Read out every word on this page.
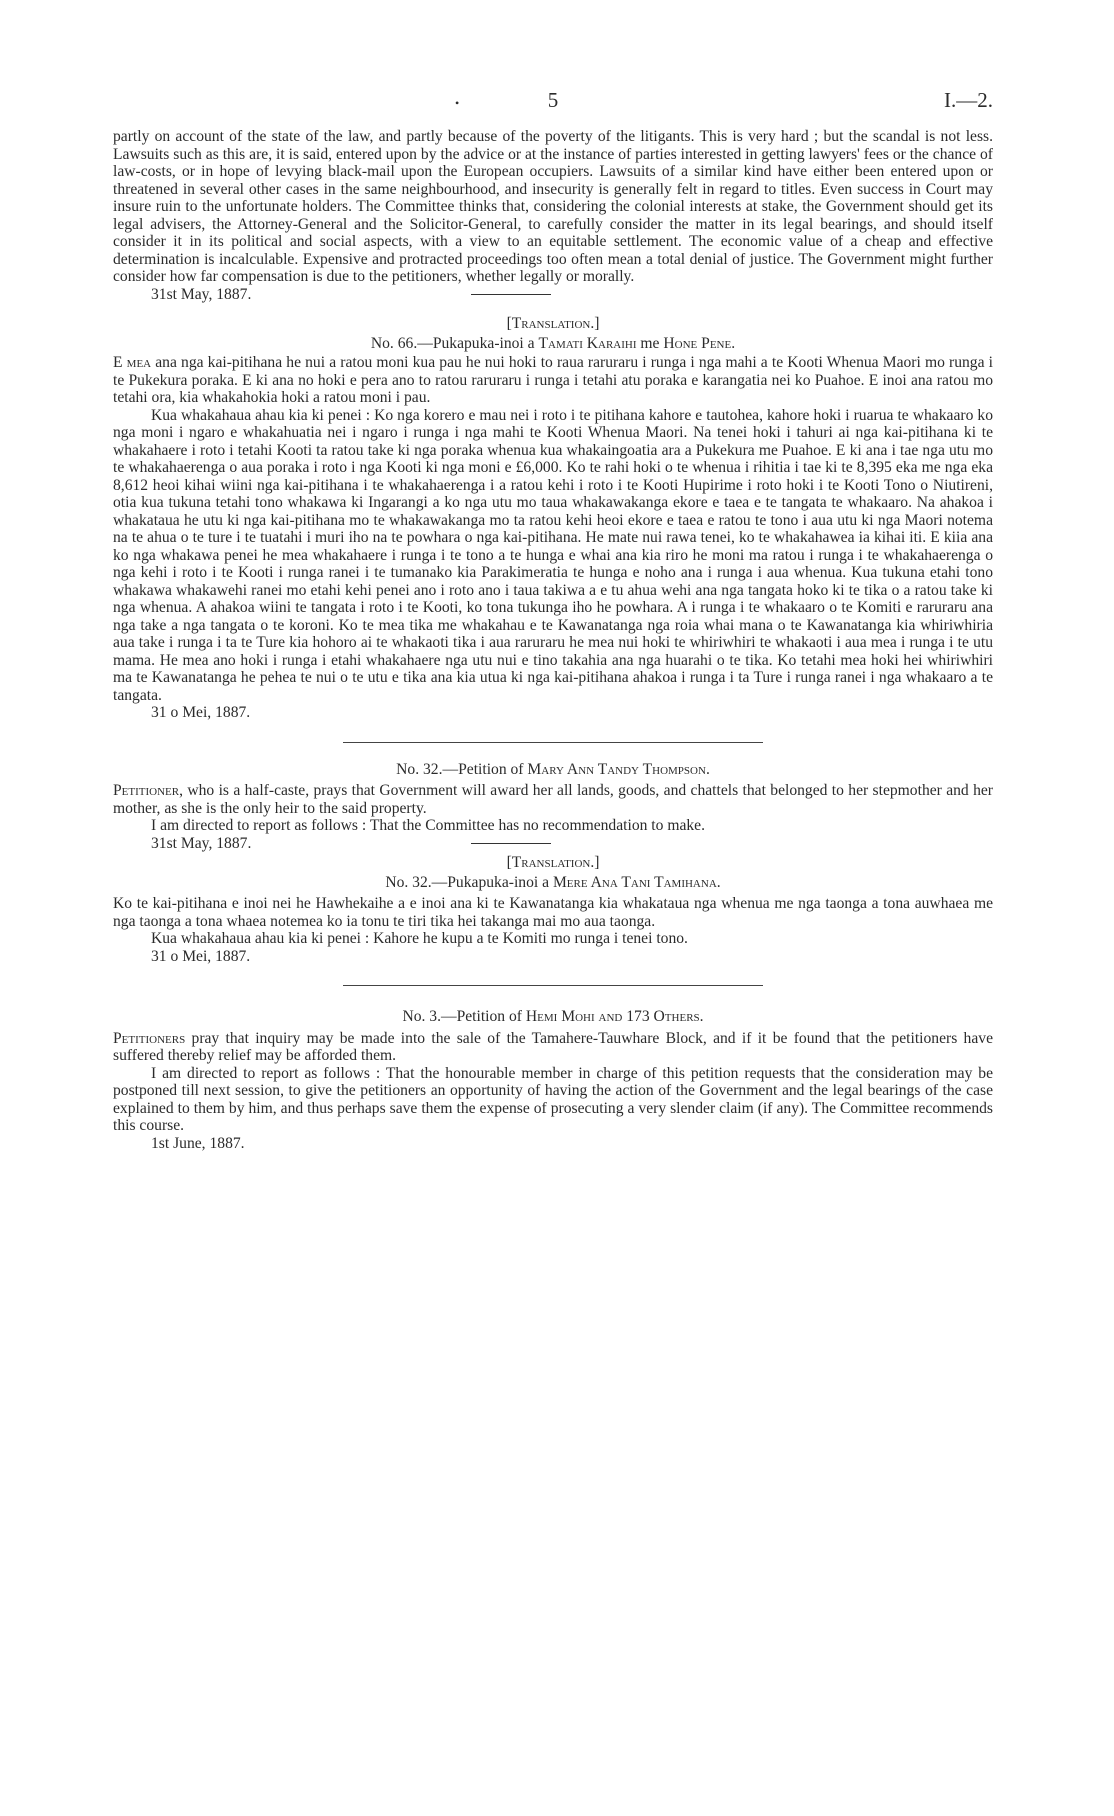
•	5	I.—2.

partly on account of the state of the law, and partly because of the poverty of the litigants. This is very hard ; but the scandal is not less. Lawsuits such as this are, it is said, entered upon by the advice or at the instance of parties interested in getting lawyers' fees or the chance of law-costs, or in hope of levying black-mail upon the European occupiers. Lawsuits of a similar kind have either been entered upon or threatened in several other cases in the same neighbourhood, and insecurity is generally felt in regard to titles. Even success in Court may insure ruin to the unfortunate holders. The Committee thinks that, considering the colonial interests at stake, the Government should get its legal advisers, the Attorney-General and the Solicitor-General, to carefully consider the matter in its legal bearings, and should itself consider it in its political and social aspects, with a view to an equitable settlement. The economic value of a cheap and effective determination is incalculable. Expensive and protracted proceedings too often mean a total denial of justice. The Government might further consider how far compensation is due to the petitioners, whether legally or morally.

31st May, 1887.

[Translation.]

No. 66.—Pukapuka-inoi a Tamati Karaihi me Hone Pene.

E mea ana nga kai-pitihana he nui a ratou moni kua pau he nui hoki to raua raruraru i runga i nga mahi a te Kooti Whenua Maori mo runga i te Pukekura poraka. E ki ana no hoki e pera ano to ratou raruraru i runga i tetahi atu poraka e karangatia nei ko Puahoe. E inoi ana ratou mo tetahi ora, kia whakahokia hoki a ratou moni i pau.

Kua whakahaua ahau kia ki penei : Ko nga korero e mau nei i roto i te pitihana kahore e tautohea, kahore hoki i ruarua te whakaaro ko nga moni i ngaro e whakahuatia nei i ngaro i runga i nga mahi te Kooti Whenua Maori. Na tenei hoki i tahuri ai nga kai-pitihana ki te whakahaere i roto i tetahi Kooti ta ratou take ki nga poraka whenua kua whakaingoatia ara a Pukekura me Puahoe. E ki ana i tae nga utu mo te whakahaerenga o aua poraka i roto i nga Kooti ki nga moni e £6,000. Ko te rahi hoki o te whenua i rihitia i tae ki te 8,395 eka me nga eka 8,612 heoi kihai wiini nga kai-pitihana i te whakahaerenga i a ratou kehi i roto i te Kooti Hupirime i roto hoki i te Kooti Tono o Niutireni, otia kua tukuna tetahi tono whakawa ki Ingarangi a ko nga utu mo taua whakawakanga ekore e taea e te tangata te whakaaro. Na ahakoa i whakataua he utu ki nga kai-pitihana mo te whakawakanga mo ta ratou kehi heoi ekore e taea e ratou te tono i aua utu ki nga Maori notema na te ahua o te ture i te tuatahi i muri iho na te powhara o nga kai-pitihana. He mate nui rawa tenei, ko te whakahawea ia kihai iti. E kiia ana ko nga whakawa penei he mea whakahaere i runga i te tono a te hunga e whai ana kia riro he moni ma ratou i runga i te whakahaerenga o nga kehi i roto i te Kooti i runga ranei i te tumanako kia Parakimeratia te hunga e noho ana i runga i aua whenua. Kua tukuna etahi tono whakawa whakawehi ranei mo etahi kehi penei ano i roto ano i taua takiwa a e tu ahua wehi ana nga tangata hoko ki te tika o a ratou take ki nga whenua. A ahakoa wiini te tangata i roto i te Kooti, ko tona tukunga iho he powhara. A i runga i te whakaaro o te Komiti e raruraru ana nga take a nga tangata o te koroni. Ko te mea tika me whakahau e te Kawanatanga nga roia whai mana o te Kawanatanga kia whiriwhiria aua take i runga i ta te Ture kia hohoro ai te whakaoti tika i aua raruraru he mea nui hoki te whiriwhiri te whakaoti i aua mea i runga i te utu mama. He mea ano hoki i runga i etahi whakahaere nga utu nui e tino takahia ana nga huarahi o te tika. Ko tetahi mea hoki hei whiriwhiri ma te Kawanatanga he pehea te nui o te utu e tika ana kia utua ki nga kai-pitihana ahakoa i runga i ta Ture i runga ranei i nga whakaaro a te tangata.

31 o Mei, 1887.

No. 32.—Petition of Mary Ann Tandy Thompson.

Petitioner, who is a half-caste, prays that Government will award her all lands, goods, and chattels that belonged to her stepmother and her mother, as she is the only heir to the said property.

I am directed to report as follows : That the Committee has no recommendation to make.

31st May, 1887.

[Translation.]

No. 32.—Pukapuka-inoi a Mere Ana Tani Tamihana.

Ko te kai-pitihana e inoi nei he Hawhekaihe a e inoi ana ki te Kawanatanga kia whakataua nga whenua me nga taonga a tona auwhaea me nga taonga a tona whaea notemea ko ia tonu te tiri tika hei takanga mai mo aua taonga.

Kua whakahaua ahau kia ki penei : Kahore he kupu a te Komiti mo runga i tenei tono.

31 o Mei, 1887.

No. 3.—Petition of Hemi Mohi and 173 Others.

Petitioners pray that inquiry may be made into the sale of the Tamahere-Tauwhare Block, and if it be found that the petitioners have suffered thereby relief may be afforded them.

I am directed to report as follows : That the honourable member in charge of this petition requests that the consideration may be postponed till next session, to give the petitioners an opportunity of having the action of the Government and the legal bearings of the case explained to them by him, and thus perhaps save them the expense of prosecuting a very slender claim (if any). The Committee recommends this course.

1st June, 1887.
